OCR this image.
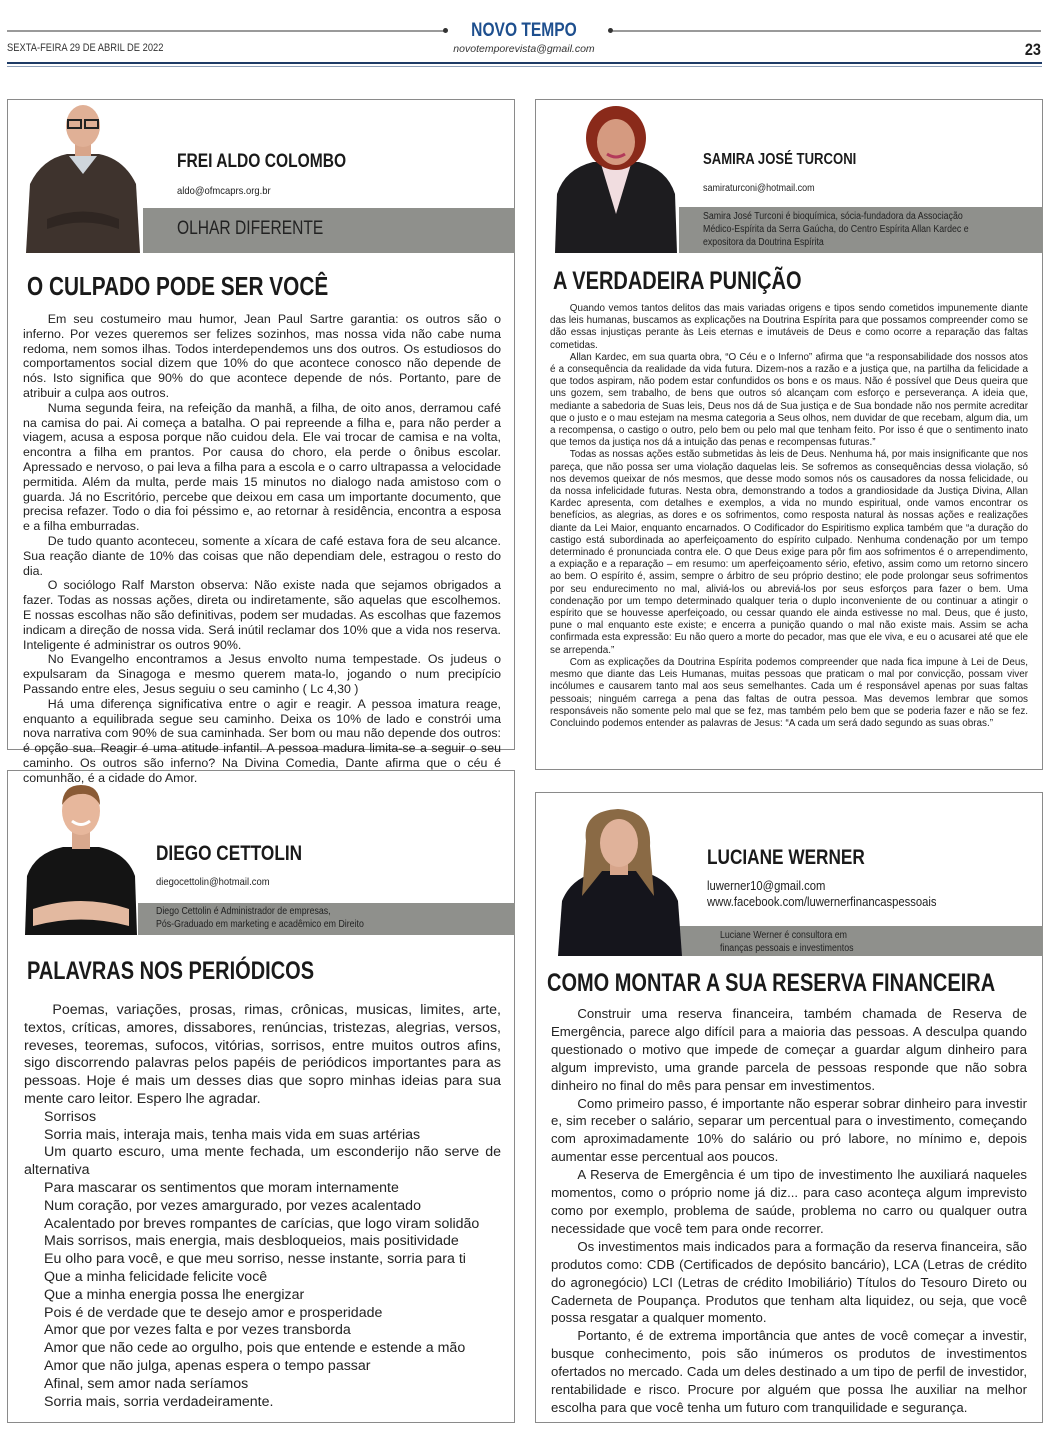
NOVO TEMPO
SEXTA-FEIRA 29 DE ABRIL DE 2022	novotemporevista@gmail.com	23
FREI ALDO COLOMBO
aldo@ofmcaprs.org.br
OLHAR DIFERENTE
O CULPADO PODE SER VOCÊ

Em seu costumeiro mau humor, Jean Paul Sartre garantia: os outros são o inferno. Por vezes queremos ser felizes sozinhos, mas nossa vida não cabe numa redoma, nem somos ilhas. Todos interdependemos uns dos outros. Os estudiosos do comportamentos social dizem que 10% do que acontece conosco não depende de nós. Isto significa que 90% do que acontece depende de nós. Portanto, pare de atribuir a culpa aos outros.

Numa segunda feira, na refeição da manhã, a filha, de oito anos, derramou café na camisa do pai. Ai começa a batalha. O pai repreende a filha e, para não perder a viagem, acusa a esposa porque não cuidou dela. Ele vai trocar de camisa e na volta, encontra a filha em prantos. Por causa do choro, ela perde o ônibus escolar. Apressado e nervoso, o pai leva a filha para a escola e o carro ultrapassa a velocidade permitida. Além da multa, perde mais 15 minutos no dialogo nada amistoso com o guarda. Já no Escritório, percebe que deixou em casa um importante documento, que precisa refazer. Todo o dia foi péssimo e, ao retornar à residência, encontra a esposa e a filha emburradas.

De tudo quanto aconteceu, somente a xícara de café estava fora de seu alcance. Sua reação diante de 10% das coisas que não dependiam dele, estragou o resto do dia.

O sociólogo Ralf Marston observa: Não existe nada que sejamos obrigados a fazer. Todas as nossas ações, direta ou indiretamente, são aquelas que escolhemos. E nossas escolhas não são definitivas, podem ser mudadas. As escolhas que fazemos indicam a direção de nossa vida. Será inútil reclamar dos 10% que a vida nos reserva. Inteligente é administrar os outros 90%.

No Evangelho encontramos a Jesus envolto numa tempestade. Os judeus o expulsaram da Sinagoga e mesmo querem mata-lo, jogando o num precipício Passando entre eles, Jesus seguiu o seu caminho ( Lc 4,30 )

Há uma diferença significativa entre o agir e reagir. A pessoa imatura reage, enquanto a equilibrada segue seu caminho. Deixa os 10% de lado e constrói uma nova narrativa com 90% de sua caminhada. Ser bom ou mau não depende dos outros: é opção sua. Reagir é uma atitude infantil. A pessoa madura limita-se a seguir o seu caminho. Os outros são inferno? Na Divina Comedia, Dante afirma que o céu é comunhão, é a cidade do Amor.

SAMIRA JOSÉ TURCONI
samiraturconi@hotmail.com
Samira José Turconi é bioquímica, sócia-fundadora da Associação
Médico-Espírita da Serra Gaúcha, do Centro Espírita Allan Kardec e
expositora da Doutrina Espírita
A VERDADEIRA PUNIÇÃO

Quando vemos tantos delitos das mais variadas origens e tipos sendo cometidos impunemente diante das leis humanas, buscamos as explicações na Doutrina Espírita para que possamos compreender como se dão essas injustiças perante às Leis eternas e imutáveis de Deus e como ocorre a reparação das faltas cometidas.

Allan Kardec, em sua quarta obra, “O Céu e o Inferno” afirma que “a responsabilidade dos nossos atos é a consequência da realidade da vida futura. Dizem-nos a razão e a justiça que, na partilha da felicidade a que todos aspiram, não podem estar confundidos os bons e os maus. Não é possível que Deus queira que uns gozem, sem trabalho, de bens que outros só alcançam com esforço e perseverança. A ideia que, mediante a sabedoria de Suas leis, Deus nos dá de Sua justiça e de Sua bondade não nos permite acreditar que o justo e o mau estejam na mesma categoria a Seus olhos, nem duvidar de que recebam, algum dia, um a recompensa, o castigo o outro, pelo bem ou pelo mal que tenham feito. Por isso é que o sentimento inato que temos da justiça nos dá a intuição das penas e recompensas futuras.”

Todas as nossas ações estão submetidas às leis de Deus. Nenhuma há, por mais insignificante que nos pareça, que não possa ser uma violação daquelas leis. Se sofremos as consequências dessa violação, só nos devemos queixar de nós mesmos, que desse modo somos nós os causadores da nossa felicidade, ou da nossa infelicidade futuras. Nesta obra, demonstrando a todos a grandiosidade da Justiça Divina, Allan Kardec apresenta, com detalhes e exemplos, a vida no mundo espiritual, onde vamos encontrar os benefícios, as alegrias, as dores e os sofrimentos, como resposta natural às nossas ações e realizações diante da Lei Maior, enquanto encarnados. O Codificador do Espiritismo explica também que “a duração do castigo está subordinada ao aperfeiçoamento do espírito culpado. Nenhuma condenação por um tempo determinado é pronunciada contra ele. O que Deus exige para pôr fim aos sofrimentos é o arrependimento, a expiação e a reparação – em resumo: um aperfeiçoamento sério, efetivo, assim como um retorno sincero ao bem. O espírito é, assim, sempre o árbitro de seu próprio destino; ele pode prolongar seus sofrimentos por seu endurecimento no mal, aliviá-los ou abreviá-los por seus esforços para fazer o bem. Uma condenação por um tempo determinado qualquer teria o duplo inconveniente de ou continuar a atingir o espírito que se houvesse aperfeiçoado, ou cessar quando ele ainda estivesse no mal. Deus, que é justo, pune o mal enquanto este existe; e encerra a punição quando o mal não existe mais. Assim se acha confirmada esta expressão: Eu não quero a morte do pecador, mas que ele viva, e eu o acusarei até que ele se arrependa.”

Com as explicações da Doutrina Espírita podemos compreender que nada fica impune à Lei de Deus, mesmo que diante das Leis Humanas, muitas pessoas que praticam o mal por convicção, possam viver incólumes e causarem tanto mal aos seus semelhantes. Cada um é responsável apenas por suas faltas pessoais; ninguém carrega a pena das faltas de outra pessoa. Mas devemos lembrar que somos responsáveis não somente pelo mal que se fez, mas também pelo bem que se poderia fazer e não se fez. Concluindo podemos entender as palavras de Jesus: “A cada um será dado segundo as suas obras.”

DIEGO CETTOLIN
diegocettolin@hotmail.com
Diego Cettolin é Administrador de empresas,
Pós-Graduado em marketing e acadêmico em Direito
PALAVRAS NOS PERIÓDICOS

Poemas, variações, prosas, rimas, crônicas, musicas, limites, arte, textos, críticas, amores, dissabores, renúncias, tristezas, alegrias, versos, reveses, teoremas, sufocos, vitórias, sorrisos, entre muitos outros afins, sigo discorrendo palavras pelos papéis de periódicos importantes para as pessoas. Hoje é mais um desses dias que sopro minhas ideias para sua mente caro leitor. Espero lhe agradar.

Sorrisos

Sorria mais, interaja mais, tenha mais vida em suas artérias

Um quarto escuro, uma mente fechada, um esconderijo não serve de alternativa

Para mascarar os sentimentos que moram internamente

Num coração, por vezes amargurado, por vezes acalentado

Acalentado por breves rompantes de carícias, que logo viram solidão

Mais sorrisos, mais energia, mais desbloqueios, mais positividade

Eu olho para você, e que meu sorriso, nesse instante, sorria para ti

Que a minha felicidade felicite você

Que a minha energia possa lhe energizar

Pois é de verdade que te desejo amor e prosperidade

Amor que por vezes falta e por vezes transborda

Amor que não cede ao orgulho, pois que entende e estende a mão

Amor que não julga, apenas espera o tempo passar

Afinal, sem amor nada seríamos

Sorria mais, sorria verdadeiramente.

LUCIANE WERNER
luwerner10@gmail.com
www.facebook.com/luwernerfinancaspessoais
Luciane Werner é consultora em
finanças pessoais e investimentos
COMO MONTAR A SUA RESERVA FINANCEIRA

Construir uma reserva financeira, também chamada de Reserva de Emergência, parece algo difícil para a maioria das pessoas. A desculpa quando questionado o motivo que impede de começar a guardar algum dinheiro para algum imprevisto, uma grande parcela de pessoas responde que não sobra dinheiro no final do mês para pensar em investimentos.

Como primeiro passo, é importante não esperar sobrar dinheiro para investir e, sim receber o salário, separar um percentual para o investimento, começando com aproximadamente 10% do salário ou pró labore, no mínimo e, depois aumentar esse percentual aos poucos.

A Reserva de Emergência é um tipo de investimento lhe auxiliará naqueles momentos, como o próprio nome já diz... para caso aconteça algum imprevisto como por exemplo, problema de saúde, problema no carro ou qualquer outra necessidade que você tem para onde recorrer.

Os investimentos mais indicados para a formação da reserva financeira, são produtos como: CDB (Certificados de depósito bancário), LCA (Letras de crédito do agronegócio) LCI (Letras de crédito Imobiliário) Títulos do Tesouro Direto ou Caderneta de Poupança. Produtos que tenham alta liquidez, ou seja, que você possa resgatar a qualquer momento.

Portanto, é de extrema importância que antes de você começar a investir, busque conhecimento, pois são inúmeros os produtos de investimentos ofertados no mercado. Cada um deles destinado a um tipo de perfil de investidor, rentabilidade e risco. Procure por alguém que possa lhe auxiliar na melhor escolha para que você tenha um futuro com tranquilidade e segurança.
